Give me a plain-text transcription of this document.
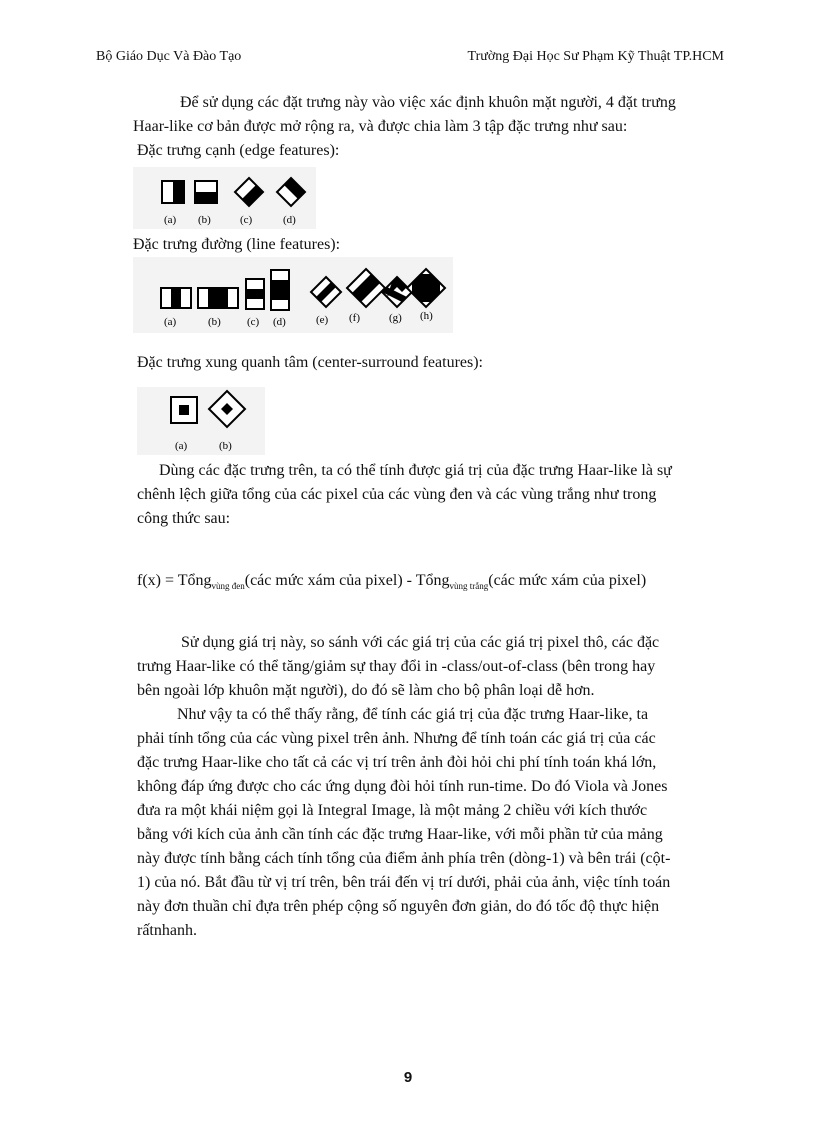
Bộ Giáo Dục Và Đào Tạo	Trường Đại Học Sư Phạm Kỹ Thuật TP.HCM
Để sử dụng các đặt trưng này vào việc xác định khuôn mặt người, 4 đặt trưng
Haar-like cơ bản được mở rộng ra, và được chia làm 3 tập đặc trưng như sau:
Đặc trưng cạnh (edge features):
(a) (b)	(c)	(d)
Đặc trưng đường (line features):
(a)	(b) (c) (d)	(e) (f)	(g) (h)
Đặc trưng xung quanh tâm (center-surround features):
(a)	(b)
Dùng các đặc trưng trên, ta có thể tính được giá trị của đặc trưng Haar-like là sự
chênh lệch giữa tổng của các pixel của các vùng đen và các vùng trắng như trong
công thức sau:
f(x) = Tổng$_{vùng đen}$(các mức xám của pixel) - Tổng$_{vùng trắng}$(các mức xám của pixel)
Sử dụng giá trị này, so sánh với các giá trị của các giá trị pixel thô, các đặc
trưng Haar-like có thể tăng/giảm sự thay đổi in -class/out-of-class (bên trong hay
bên ngoài lớp khuôn mặt người), do đó sẽ làm cho bộ phân loại dễ hơn.
Như vậy ta có thể thấy rằng, để tính các giá trị của đặc trưng Haar-like, ta
phải tính tổng của các vùng pixel trên ảnh. Nhưng để tính toán các giá trị của các
đặc trưng Haar-like cho tất cả các vị trí trên ảnh đòi hỏi chi phí tính toán khá lớn,
không đáp ứng được cho các ứng dụng đòi hỏi tính run-time. Do đó Viola và Jones
đưa ra một khái niệm gọi là Integral Image, là một mảng 2 chiều với kích thước
bằng với kích của ảnh cần tính các đặc trưng Haar-like, với mỗi phần tử của mảng
này được tính bằng cách tính tổng của điểm ảnh phía trên (dòng-1) và bên trái (cột-
1) của nó. Bắt đầu từ vị trí trên, bên trái đến vị trí dưới, phải của ảnh, việc tính toán
này đơn thuần chỉ đựa trên phép cộng số nguyên đơn giản, do đó tốc độ thực hiện
rấtnhanh.
9
